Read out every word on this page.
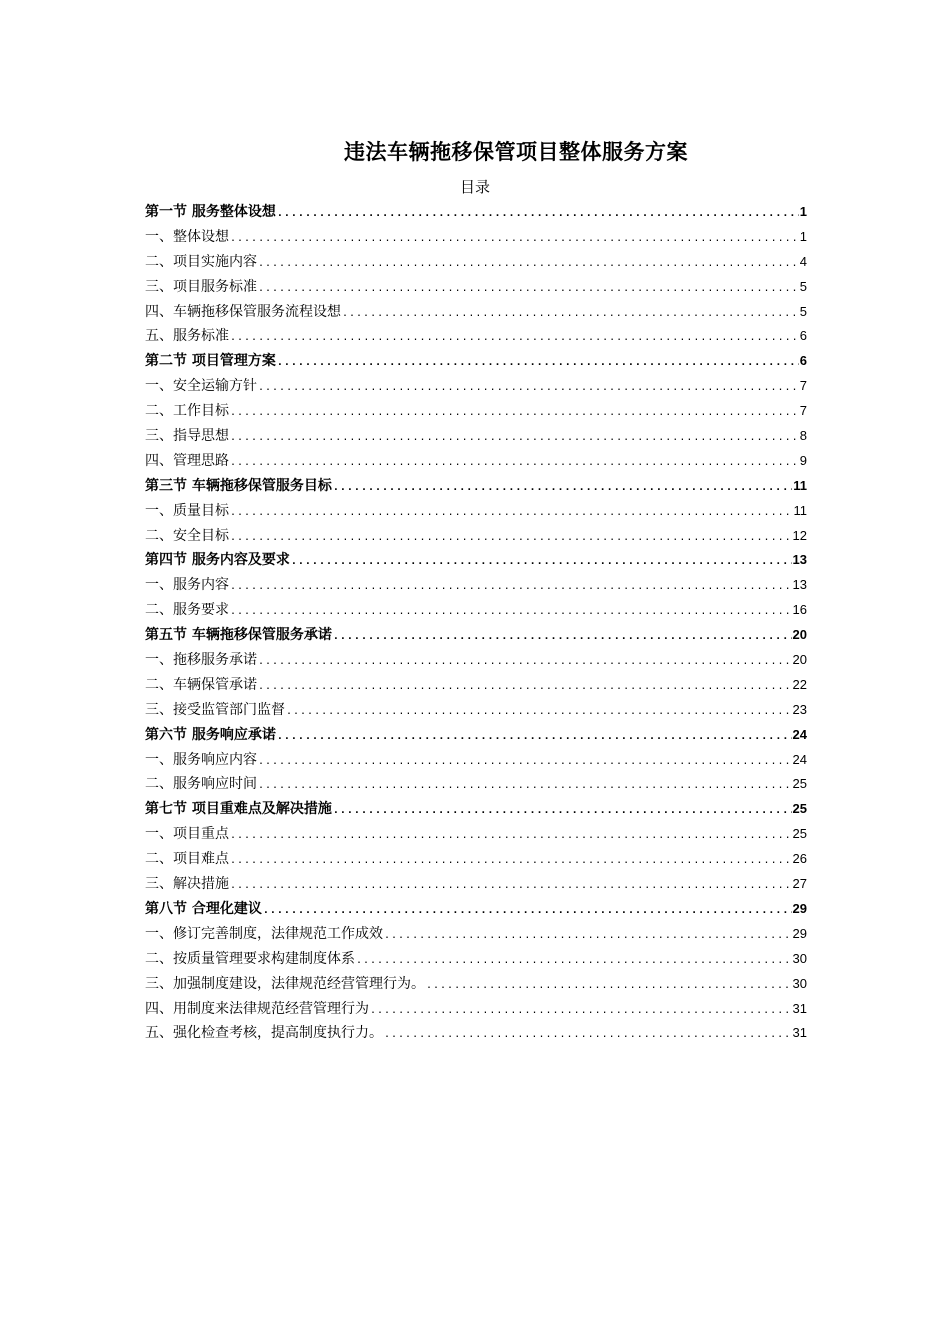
违法车辆拖移保管项目整体服务方案
目录
第一节 服务整体设想 .....	1
一、整体设想 .....	1
二、项目实施内容 .....	4
三、项目服务标准 .....	5
四、车辆拖移保管服务流程设想 .....	5
五、服务标准 .....	6
第二节 项目管理方案 .....	6
一、安全运输方针 .....	7
二、工作目标 .....	7
三、指导思想 .....	8
四、管理思路 .....	9
第三节 车辆拖移保管服务目标 .....	11
一、质量目标 .....	11
二、安全目标 .....	12
第四节 服务内容及要求 .....	13
一、服务内容 .....	13
二、服务要求 .....	16
第五节 车辆拖移保管服务承诺 .....	20
一、拖移服务承诺 .....	20
二、车辆保管承诺 .....	22
三、接受监管部门监督 .....	23
第六节 服务响应承诺 .....	24
一、服务响应内容 .....	24
二、服务响应时间 .....	25
第七节 项目重难点及解决措施 .....	25
一、项目重点 .....	25
二、项目难点 .....	26
三、解决措施 .....	27
第八节 合理化建议 .....	29
一、修订完善制度，法律规范工作成效 .....	29
二、按质量管理要求构建制度体系 .....	30
三、加强制度建设，法律规范经营管理行为。 .....	30
四、用制度来法律规范经营管理行为 .....	31
五、强化检查考核，提高制度执行力。 .....	31
